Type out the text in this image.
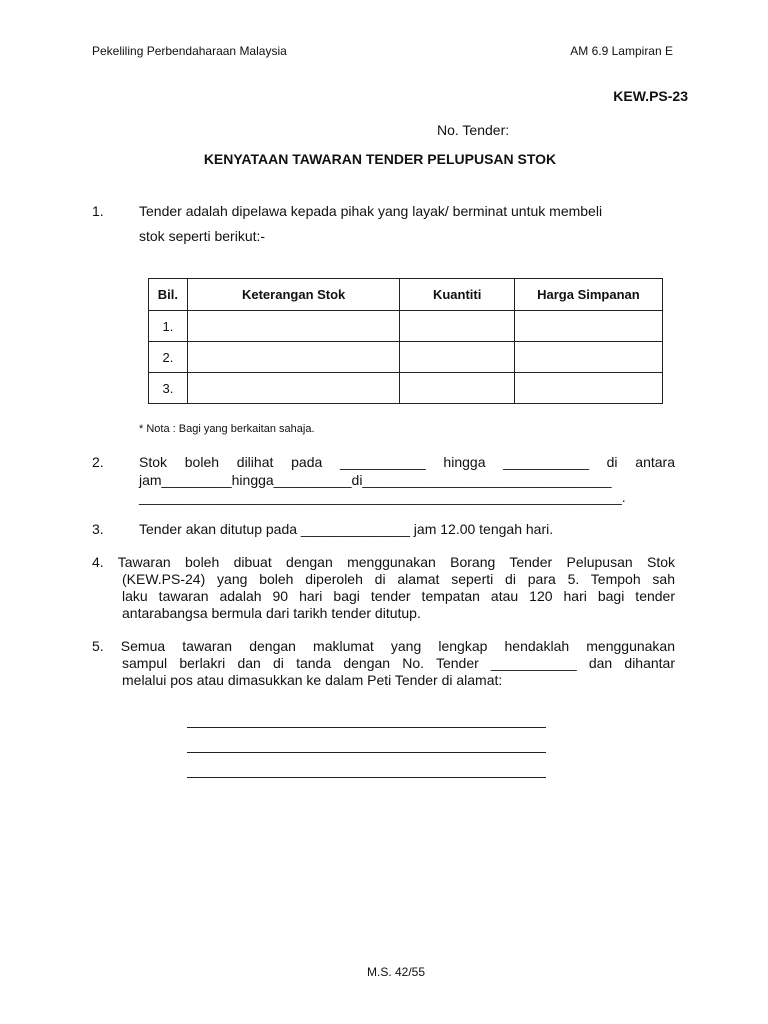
Pekeliling Perbendaharaan Malaysia	AM 6.9 Lampiran E
KEW.PS-23
No. Tender:
KENYATAAN TAWARAN TENDER PELUPUSAN STOK
1.	Tender adalah dipelawa kepada pihak yang layak/ berminat untuk membeli
stok seperti berikut:-
Bil.	Keterangan Stok	Kuantiti	Harga Simpanan
1.			
2.			
3.			
* Nota : Bagi yang berkaitan sahaja.
2.	Stok boleh dilihat pada ___________ hingga ___________ di antara
jam_________hingga__________di________________________________
______________________________________________________________.
3.	Tender akan ditutup pada ______________ jam 12.00 tengah hari.
4. Tawaran boleh dibuat dengan menggunakan Borang Tender Pelupusan Stok
(KEW.PS-24) yang boleh diperoleh di alamat seperti di para 5. Tempoh sah
laku tawaran adalah 90 hari bagi tender tempatan atau 120 hari bagi tender
antarabangsa bermula dari tarikh tender ditutup.
5. Semua tawaran dengan maklumat yang lengkap hendaklah menggunakan
sampul berlakri dan di tanda dengan No. Tender ___________ dan dihantar
melalui pos atau dimasukkan ke dalam Peti Tender di alamat:
M.S. 42/55
